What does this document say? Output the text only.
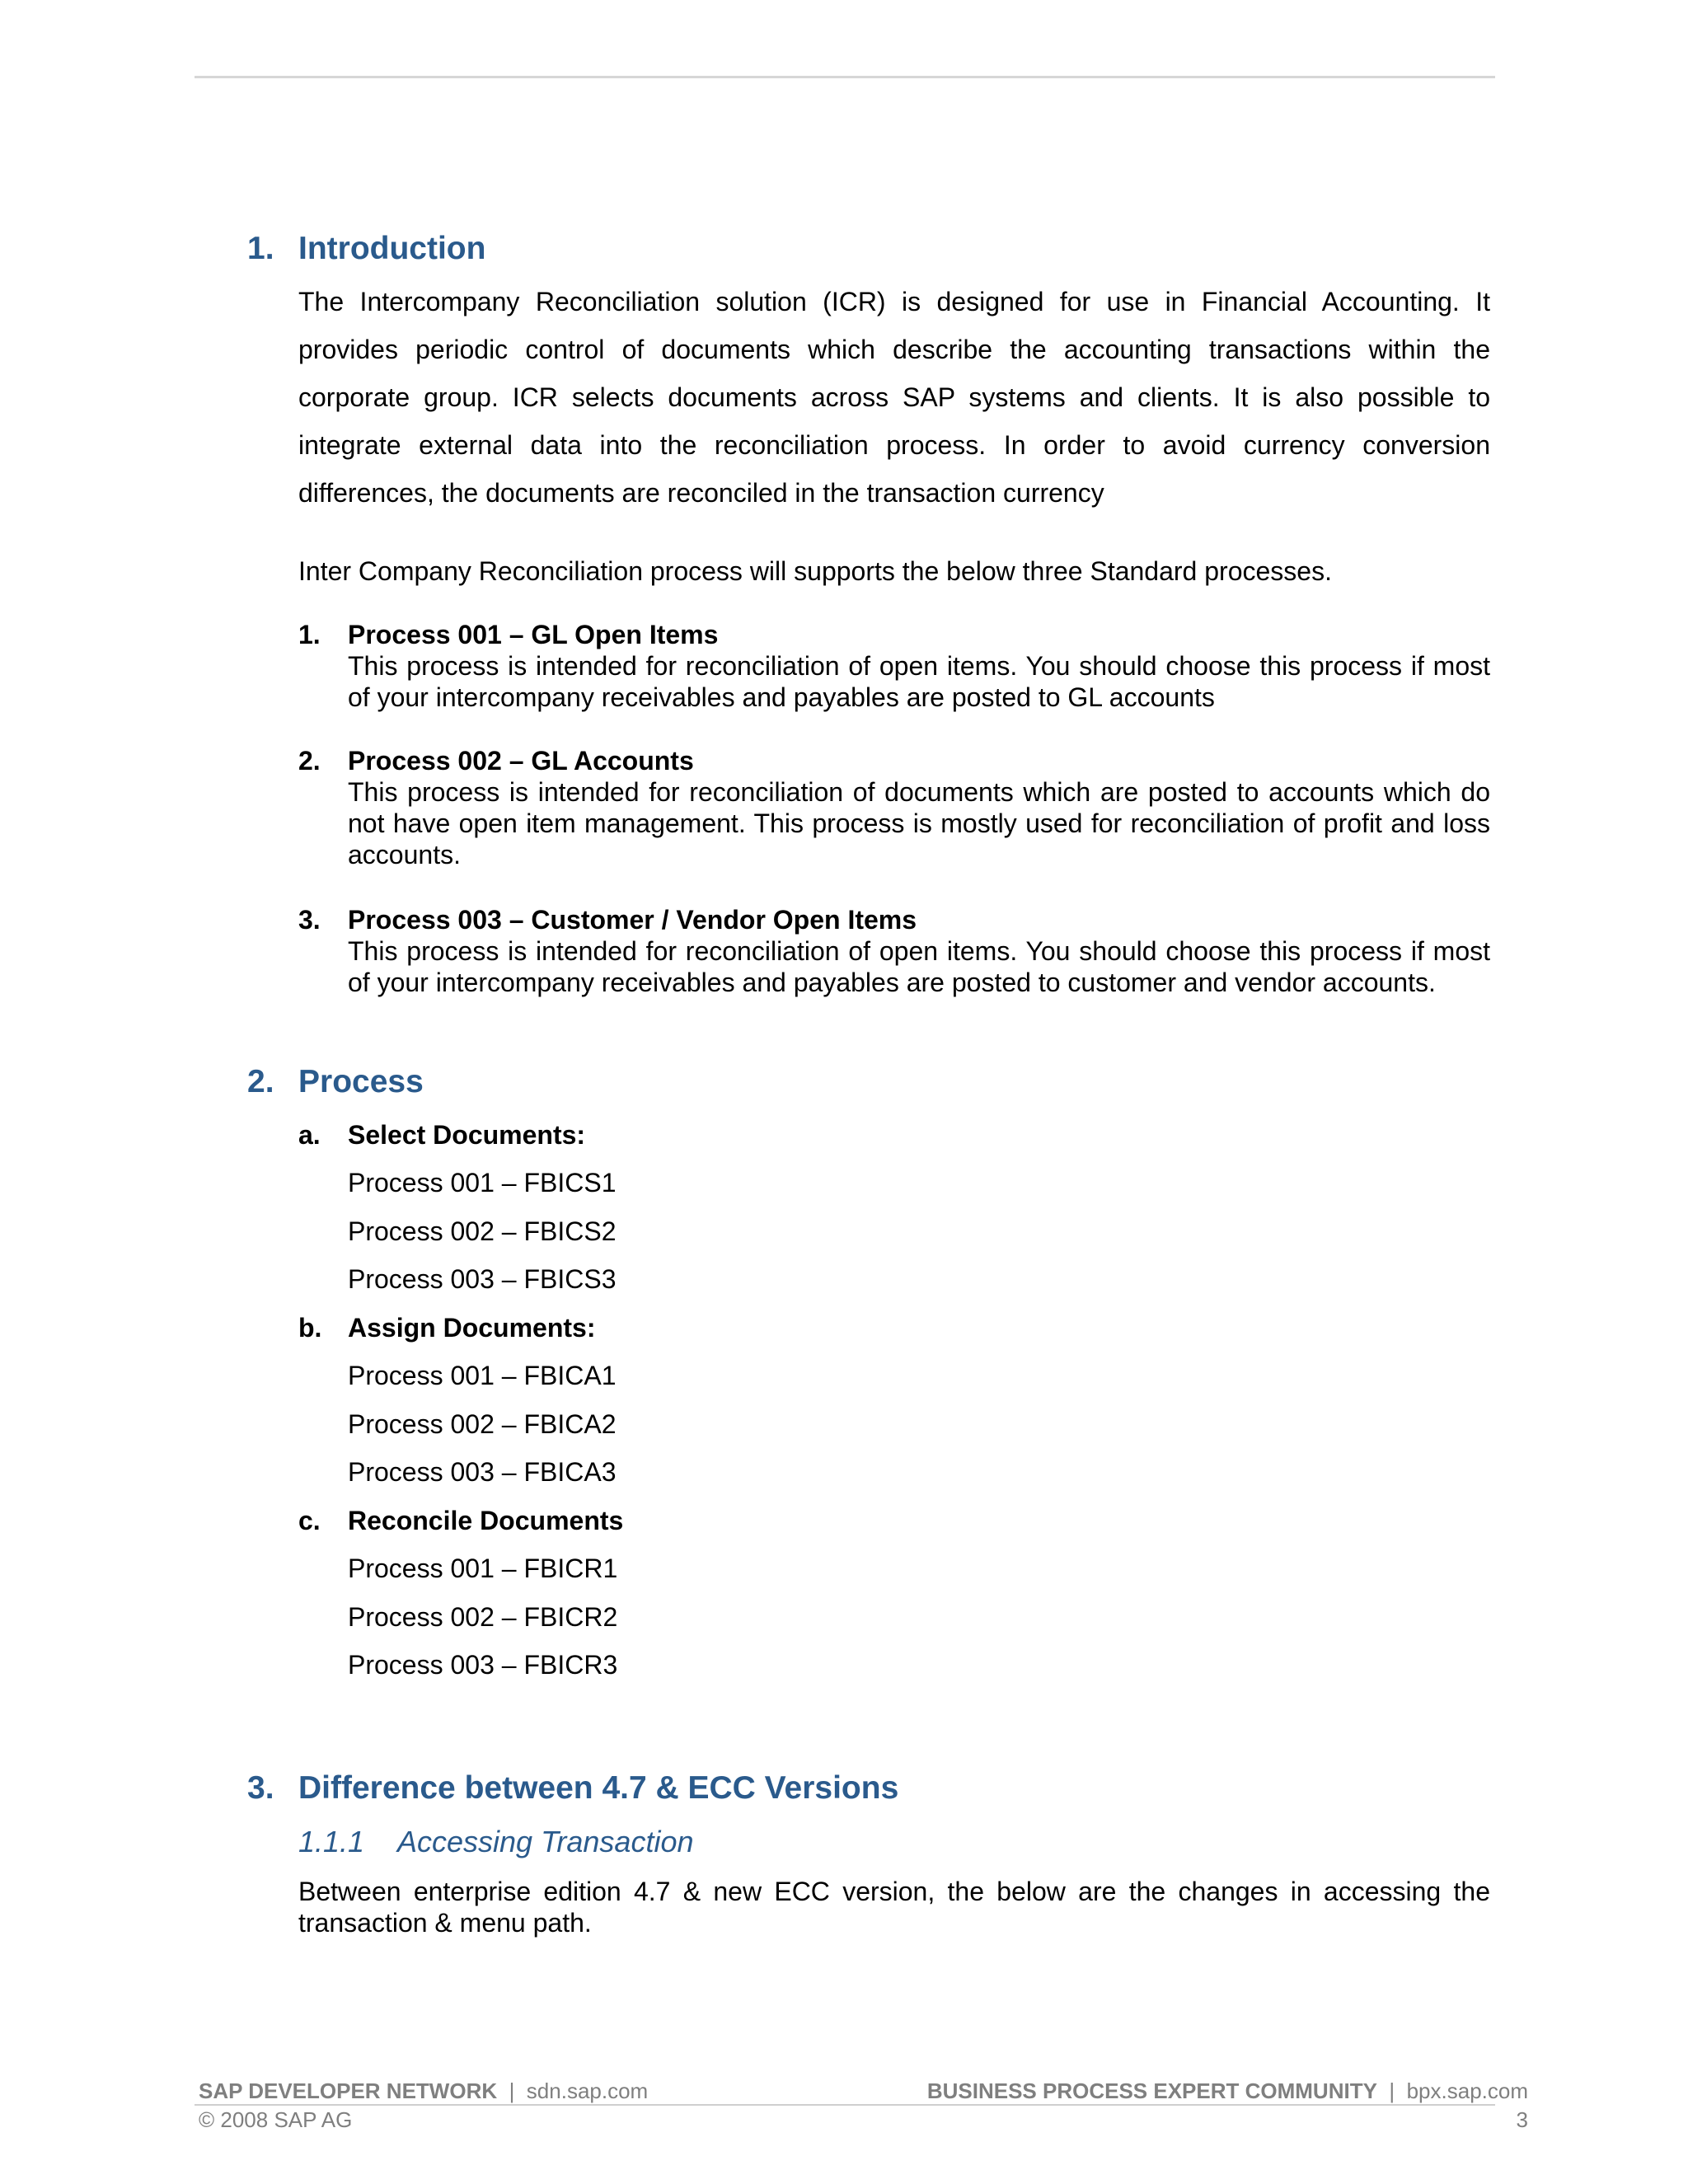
1. Introduction
The Intercompany Reconciliation solution (ICR) is designed for use in Financial Accounting. It provides periodic control of documents which describe the accounting transactions within the corporate group. ICR selects documents across SAP systems and clients. It is also possible to integrate external data into the reconciliation process. In order to avoid currency conversion differences, the documents are reconciled in the transaction currency
Inter Company Reconciliation process will supports the below three Standard processes.
1. Process 001 – GL Open Items
This process is intended for reconciliation of open items. You should choose this process if most of your intercompany receivables and payables are posted to GL accounts
2. Process 002 – GL Accounts
This process is intended for reconciliation of documents which are posted to accounts which do not have open item management. This process is mostly used for reconciliation of profit and loss accounts.
3. Process 003 – Customer / Vendor Open Items
This process is intended for reconciliation of open items. You should choose this process if most of your intercompany receivables and payables are posted to customer and vendor accounts.
2. Process
a. Select Documents:
Process 001 – FBICS1
Process 002 – FBICS2
Process 003 – FBICS3
b. Assign Documents:
Process 001 – FBICA1
Process 002 – FBICA2
Process 003 – FBICA3
c. Reconcile Documents
Process 001 – FBICR1
Process 002 – FBICR2
Process 003 – FBICR3
3. Difference between 4.7 & ECC Versions
1.1.1 Accessing Transaction
Between enterprise edition 4.7 & new ECC version, the below are the changes in accessing the transaction & menu path.
SAP DEVELOPER NETWORK | sdn.sap.com	BUSINESS PROCESS EXPERT COMMUNITY | bpx.sap.com
© 2008 SAP AG	3
